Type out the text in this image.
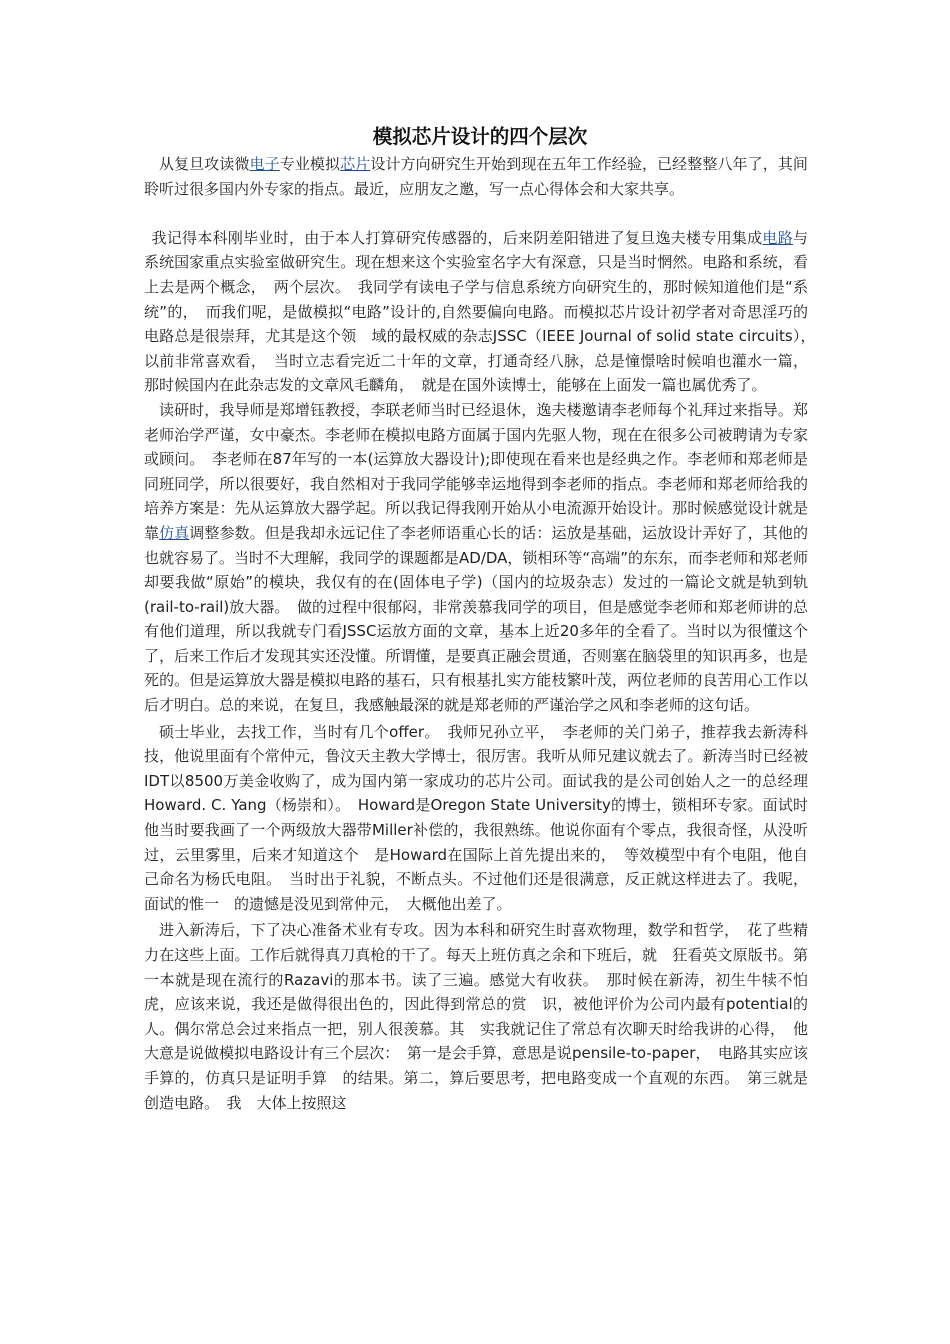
模拟芯片设计的四个层次

从复旦攻读微电子专业模拟芯片设计方向研究生开始到现在五年工作经验，已经整整八年了，其间聆听过很多国内外专家的指点。最近，应朋友之邀，写一点心得体会和大家共享。

我记得本科刚毕业时，由于本人打算研究传感器的，后来阴差阳错进了复旦逸夫楼专用集成电路与系统国家重点实验室做研究生。现在想来这个实验室名字大有深意，只是当时惘然。电路和系统，看上去是两个概念，　两个层次。　我同学有读电子学与信息系统方向研究生的，那时候知道他们是“系统”的，　而我们呢，是做模拟“电路”设计的,自然要偏向电路。而模拟芯片设计初学者对奇思淫巧的电路总是很崇拜，尤其是这个领　域的最权威的杂志JSSC（IEEE Journal of solid state circuits），　以前非常喜欢看，　当时立志看完近二十年的文章，打通奇经八脉，总是憧憬啥时候咱也灌水一篇，那时候国内在此杂志发的文章风毛麟角，　就是在国外读博士，能够在上面发一篇也属优秀了。

读研时，我导师是郑增钰教授，李联老师当时已经退休，逸夫楼邀请李老师每个礼拜过来指导。郑老师治学严谨，女中豪杰。李老师在模拟电路方面属于国内先驱人物，现在在很多公司被聘请为专家或顾问。　李老师在87年写的一本(运算放大器设计);即使现在看来也是经典之作。李老师和郑老师是同班同学，所以很要好，我自然相对于我同学能够幸运地得到李老师的指点。李老师和郑老师给我的培养方案是：先从运算放大器学起。所以我记得我刚开始从小电流源开始设计。那时候感觉设计就是靠仿真调整参数。但是我却永远记住了李老师语重心长的话：运放是基础，运放设计弄好了，其他的也就容易了。当时不大理解，我同学的课题都是AD/DA，锁相环等“高端”的东东，而李老师和郑老师却要我做“原始”的模块，我仅有的在(固体电子学)（国内的垃圾杂志）发过的一篇论文就是轨到轨(rail-to-rail)放大器。　做的过程中很郁闷，非常羡慕我同学的项目，但是感觉李老师和郑老师讲的总有他们道理，所以我就专门看JSSC运放方面的文章，基本上近20多年的全看了。当时以为很懂这个了，后来工作后才发现其实还没懂。所谓懂，是要真正融会贯通，否则塞在脑袋里的知识再多，也是死的。但是运算放大器是模拟电路的基石，只有根基扎实方能枝繁叶茂，两位老师的良苦用心工作以后才明白。总的来说，在复旦，我感触最深的就是郑老师的严谨治学之风和李老师的这句话。

硕士毕业，去找工作，当时有几个offer。　我师兄孙立平，　李老师的关门弟子，推荐我去新涛科技，他说里面有个常仲元，鲁汶天主教大学博士，很厉害。我听从师兄建议就去了。新涛当时已经被IDT以8500万美金收购了，成为国内第一家成功的芯片公司。面试我的是公司创始人之一的总经理Howard. C. Yang（杨崇和）。　Howard是Oregon State University的博士，锁相环专家。面试时他当时要我画了一个两级放大器带Miller补偿的，我很熟练。他说你面有个零点，我很奇怪，从没听过，云里雾里，后来才知道这个　是Howard在国际上首先提出来的，　等效模型中有个电阻，他自己命名为杨氏电阻。　当时出于礼貌，不断点头。不过他们还是很满意，反正就这样进去了。我呢，面试的惟一　的遗憾是没见到常仲元，　大概他出差了。

进入新涛后，下了决心准备术业有专攻。因为本科和研究生时喜欢物理，数学和哲学，　花了些精力在这些上面。工作后就得真刀真枪的干了。每天上班仿真之余和下班后，就　狂看英文原版书。第一本就是现在流行的Razavi的那本书。读了三遍。感觉大有收获。　那时候在新涛，初生牛犊不怕虎，应该来说，我还是做得很出色的，因此得到常总的赏　识，被他评价为公司内最有potential的人。偶尔常总会过来指点一把，别人很羡慕。其　实我就记住了常总有次聊天时给我讲的心得，　他大意是说做模拟电路设计有三个层次：　第一是会手算，意思是说pensile-to-paper，　电路其实应该手算的，仿真只是证明手算　的结果。第二，算后要思考，把电路变成一个直观的东西。　第三就是创造电路。　我　大体上按照这
